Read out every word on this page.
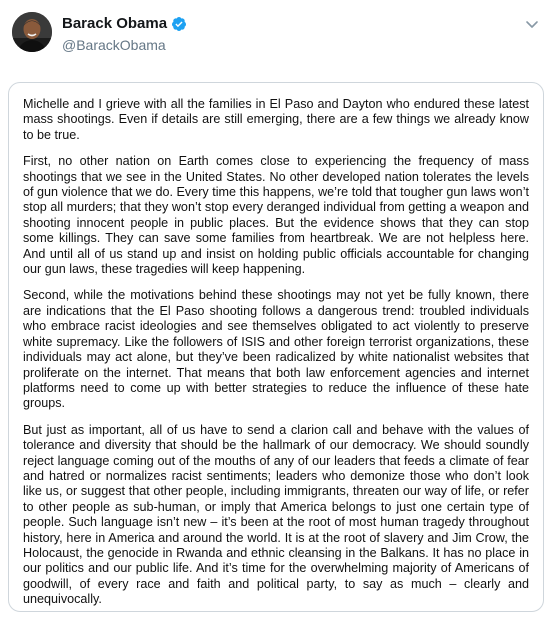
Barack Obama
@BarackObama

Michelle and I grieve with all the families in El Paso and Dayton who endured these latest mass shootings. Even if details are still emerging, there are a few things we already know to be true.

First, no other nation on Earth comes close to experiencing the frequency of mass shootings that we see in the United States. No other developed nation tolerates the levels of gun violence that we do. Every time this happens, we’re told that tougher gun laws won’t stop all murders; that they won’t stop every deranged individual from getting a weapon and shooting innocent people in public places. But the evidence shows that they can stop some killings. They can save some families from heartbreak. We are not helpless here. And until all of us stand up and insist on holding public officials accountable for changing our gun laws, these tragedies will keep happening.

Second, while the motivations behind these shootings may not yet be fully known, there are indications that the El Paso shooting follows a dangerous trend: troubled individuals who embrace racist ideologies and see themselves obligated to act violently to preserve white supremacy. Like the followers of ISIS and other foreign terrorist organizations, these individuals may act alone, but they’ve been radicalized by white nationalist websites that proliferate on the internet. That means that both law enforcement agencies and internet platforms need to come up with better strategies to reduce the influence of these hate groups.

But just as important, all of us have to send a clarion call and behave with the values of tolerance and diversity that should be the hallmark of our democracy. We should soundly reject language coming out of the mouths of any of our leaders that feeds a climate of fear and hatred or normalizes racist sentiments; leaders who demonize those who don’t look like us, or suggest that other people, including immigrants, threaten our way of life, or refer to other people as sub-human, or imply that America belongs to just one certain type of people. Such language isn’t new – it’s been at the root of most human tragedy throughout history, here in America and around the world. It is at the root of slavery and Jim Crow, the Holocaust, the genocide in Rwanda and ethnic cleansing in the Balkans. It has no place in our politics and our public life. And it’s time for the overwhelming majority of Americans of goodwill, of every race and faith and political party, to say as much – clearly and unequivocally.
